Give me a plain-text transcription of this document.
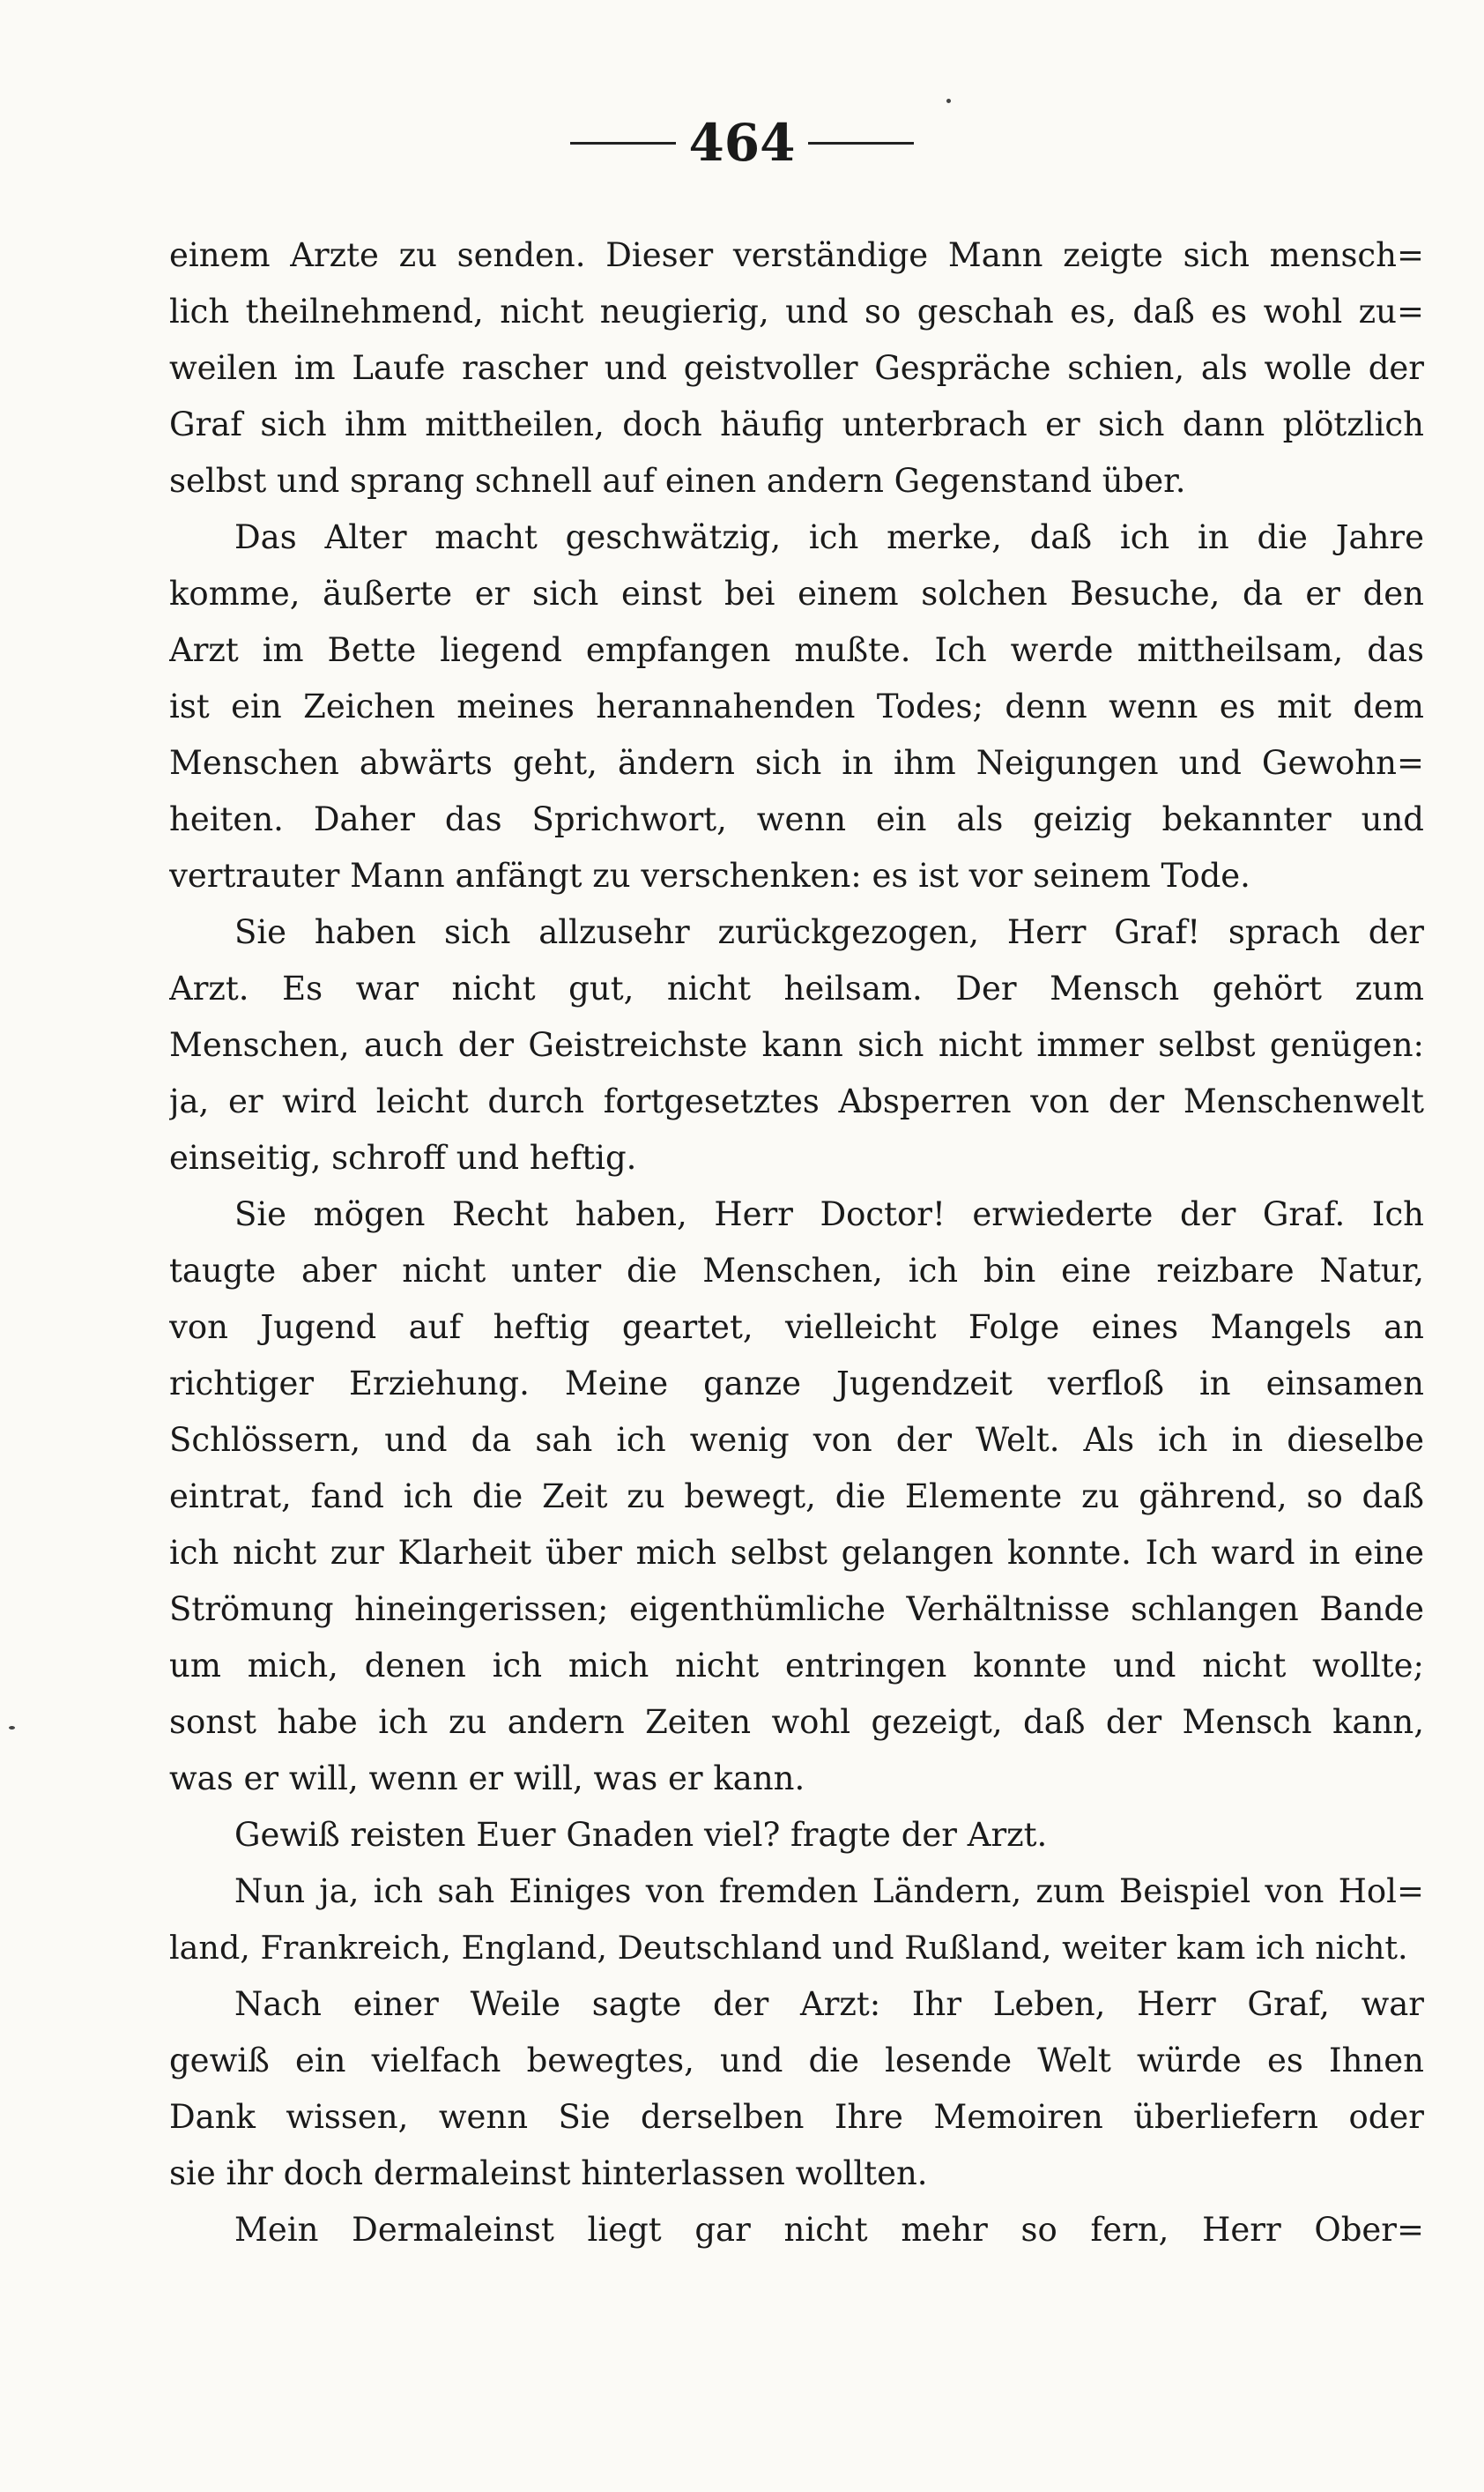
464
einem Arzte zu senden. Dieser verständige Mann zeigte sich mensch=
lich theilnehmend, nicht neugierig, und so geschah es, daß es wohl zu=
weilen im Laufe rascher und geistvoller Gespräche schien, als wolle der
Graf sich ihm mittheilen, doch häufig unterbrach er sich dann plötzlich
selbst und sprang schnell auf einen andern Gegenstand über.
Das Alter macht geschwätzig, ich merke, daß ich in die Jahre
komme, äußerte er sich einst bei einem solchen Besuche, da er den
Arzt im Bette liegend empfangen mußte. Ich werde mittheilsam, das
ist ein Zeichen meines herannahenden Todes; denn wenn es mit dem
Menschen abwärts geht, ändern sich in ihm Neigungen und Gewohn=
heiten. Daher das Sprichwort, wenn ein als geizig bekannter und
vertrauter Mann anfängt zu verschenken: es ist vor seinem Tode.
Sie haben sich allzusehr zurückgezogen, Herr Graf! sprach der
Arzt. Es war nicht gut, nicht heilsam. Der Mensch gehört zum
Menschen, auch der Geistreichste kann sich nicht immer selbst genügen:
ja, er wird leicht durch fortgesetztes Absperren von der Menschenwelt
einseitig, schroff und heftig.
Sie mögen Recht haben, Herr Doctor! erwiederte der Graf. Ich
taugte aber nicht unter die Menschen, ich bin eine reizbare Natur,
von Jugend auf heftig geartet, vielleicht Folge eines Mangels an
richtiger Erziehung. Meine ganze Jugendzeit verfloß in einsamen
Schlössern, und da sah ich wenig von der Welt. Als ich in dieselbe
eintrat, fand ich die Zeit zu bewegt, die Elemente zu gährend, so daß
ich nicht zur Klarheit über mich selbst gelangen konnte. Ich ward in eine
Strömung hineingerissen; eigenthümliche Verhältnisse schlangen Bande
um mich, denen ich mich nicht entringen konnte und nicht wollte;
sonst habe ich zu andern Zeiten wohl gezeigt, daß der Mensch kann,
was er will, wenn er will, was er kann.
Gewiß reisten Euer Gnaden viel? fragte der Arzt.
Nun ja, ich sah Einiges von fremden Ländern, zum Beispiel von Hol=
land, Frankreich, England, Deutschland und Rußland, weiter kam ich nicht.
Nach einer Weile sagte der Arzt: Ihr Leben, Herr Graf, war
gewiß ein vielfach bewegtes, und die lesende Welt würde es Ihnen
Dank wissen, wenn Sie derselben Ihre Memoiren überliefern oder
sie ihr doch dermaleinst hinterlassen wollten.
Mein Dermaleinst liegt gar nicht mehr so fern, Herr Ober=
